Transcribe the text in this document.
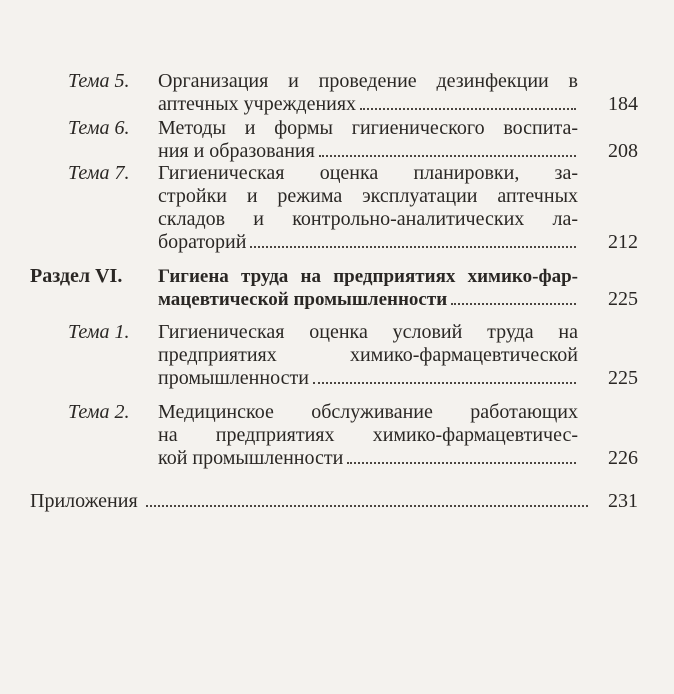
Тема 5. Организация и проведение дезинфекции в
аптечных учреждениях	184
Тема 6. Методы и формы гигиенического воспита-
ния и образования	208
Тема 7. Гигиеническая оценка планировки, за-
стройки и режима эксплуатации аптечных
складов и контрольно-аналитических ла-
бораторий	212
Раздел VI. Гигиена труда на предприятиях химико-фар-
мацевтической промышленности	225
Тема 1. Гигиеническая оценка условий труда на
предприятиях химико-фармацевтической
промышленности	225
Тема 2. Медицинское обслуживание работающих
на предприятиях химико-фармацевтичес-
кой промышленности	226
Приложения	231
